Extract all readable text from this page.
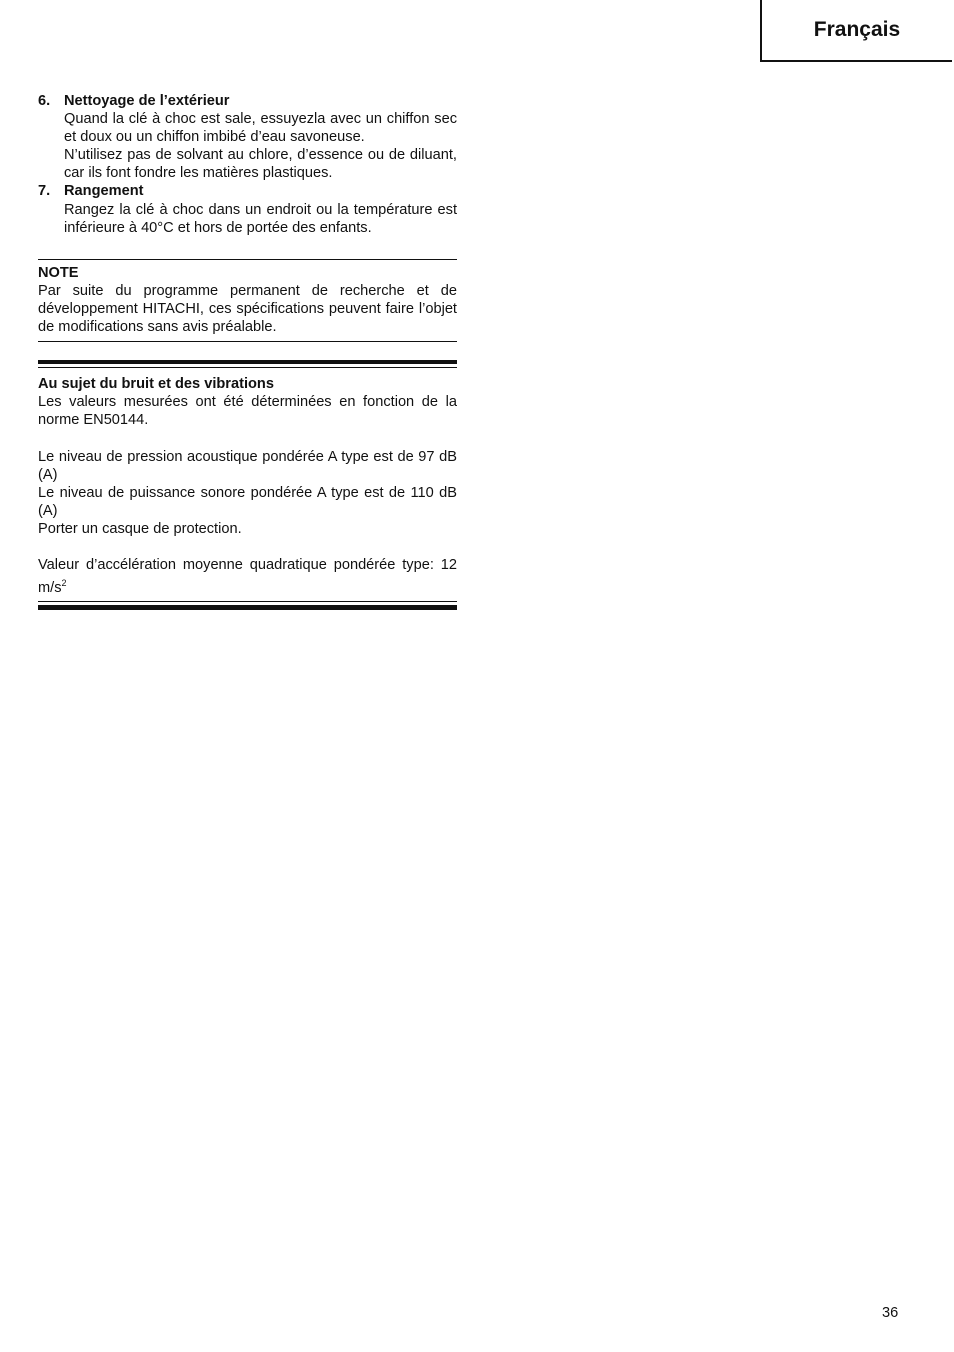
Français
6. Nettoyage de l’extérieur

Quand la clé à choc est sale, essuyezla avec un chiffon sec et doux ou un chiffon imbibé d’eau savoneuse.

N’utilisez pas de solvant au chlore, d’essence ou de diluant, car ils font fondre les matières plastiques.

7. Rangement

Rangez la clé à choc dans un endroit ou la température est inférieure à 40°C et hors de portée des enfants.

NOTE

Par suite du programme permanent de recherche et de développement HITACHI, ces spécifications peuvent faire l’objet de modifications sans avis préalable.

Au sujet du bruit et des vibrations

Les valeurs mesurées ont été déterminées en fonction de la norme EN50144.

Le niveau de pression acoustique pondérée A type est de 97 dB (A)

Le niveau de puissance sonore pondérée A type est de 110 dB (A)

Porter un casque de protection.

Valeur d’accélération moyenne quadratique pondérée type: 12 $m/s^2$

36
